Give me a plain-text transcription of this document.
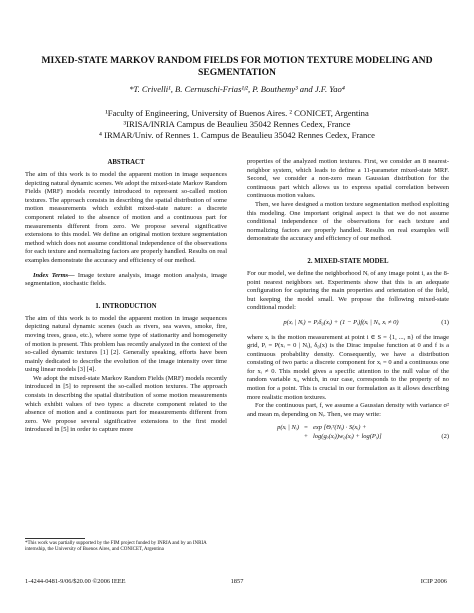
MIXED-STATE MARKOV RANDOM FIELDS FOR MOTION TEXTURE MODELING AND
SEGMENTATION
*T. Crivelli¹, B. Cernuschi-Frias¹ʲ², P. Bouthemy³ and J.F. Yao⁴
¹Faculty of Engineering, University of Buenos Aires. ² CONICET, Argentina
³IRISA/INRIA Campus de Beaulieu 35042 Rennes Cedex, France
⁴ IRMAR/Univ. of Rennes 1. Campus de Beaulieu 35042 Rennes Cedex, France
ABSTRACT

The aim of this work is to model the apparent motion in image sequences depicting natural dynamic scenes. We adopt the mixed-state Markov Random Fields (MRF) models recently introduced to represent so-called motion textures. The approach consists in describing the spatial distribution of some motion measurements which exhibit mixed-state nature: a discrete component related to the absence of motion and a continuous part for measurements different from zero. We propose several significative extensions to this model. We define an original motion texture segmentation method which does not assume conditional independence of the observations for each texture and normalizing factors are properly handled. Results on real examples demonstrate the accuracy and efficiency of our method.

Index Terms— Image texture analysis, image motion analysis, image segmentation, stochastic fields.

1. INTRODUCTION

The aim of this work is to model the apparent motion in image sequences depicting natural dynamic scenes (such as rivers, sea waves, smoke, fire, moving trees, grass, etc.), where some type of stationarity and homogeneity of motion is present. This problem has recently analyzed in the context of the so-called dynamic textures [1] [2]. Generally speaking, efforts have been mainly dedicated to describe the evolution of the image intensity over time using linear models [3] [4].

We adopt the mixed-state Markov Random Fields (MRF) models recently introduced in [5] to represent the so-called motion textures. The approach consists in describing the spatial distribution of some motion measurements which exhibit values of two types: a discrete component related to the absence of motion and a continuous part for measurements different from zero. We propose several significative extensions to the first model introduced in [5] in order to capture more

*This work was partially supported by the FIM project funded by INRIA and by an INRIA internship, the University of Buenos Aires, and CONICET, Argentina

properties of the analyzed motion textures. First, we consider an 8 nearest-neighbor system, which leads to define a 11-parameter mixed-state MRF. Second, we consider a non-zero mean Gaussian distribution for the continuous part which allows us to express spatial correlation between continuous motion values.

Then, we have designed a motion texture segmentation method exploiting this modeling. One important original aspect is that we do not assume conditional independence of the observations for each texture and normalizing factors are properly handled. Results on real examples will demonstrate the accuracy and efficiency of our method.

2. MIXED-STATE MODEL

For our model, we define the neighborhood Nᵢ of any image point i, as the 8-point nearest neighbors set. Experiments show that this is an adequate configuration for capturing the main properties and orientation of the field, but keeping the model small. We propose the following mixed-state conditional model:

p(xᵢ | Nᵢ) = Pᵢδ₀(xᵢ) + (1 − Pᵢ)f(xᵢ | Nᵢ, xᵢ ≠ 0)	(1)

where xᵢ is the motion measurement at point i ∈ S = {1, ..., n} of the image grid, Pᵢ = P(xᵢ = 0 | Nᵢ), δ₀(x) is the Dirac impulse function at 0 and f is a continuous probability density. Consequently, we have a distribution consisting of two parts: a discrete component for xᵢ = 0 and a continuous one for xᵢ ≠ 0. This model gives a specific attention to the null value of the random variable xᵢ, which, in our case, corresponds to the property of no motion for a point. This is crucial in our formulation as it allows describing more realistic motion textures.

For the continuous part, f, we assume a Gaussian density with variance σ² and mean mᵢ depending on Nᵢ. Then, we may write:

p(xᵢ | Nᵢ) = exp [Θᵢᵀ(Nᵢ) · S(xᵢ) +
+ log(gₒ(xᵢ))w₀(xᵢ) + log(Pᵢ)]	(2)
1-4244-0481-9/06/$20.00 ©2006 IEEE	1857	ICIP 2006
